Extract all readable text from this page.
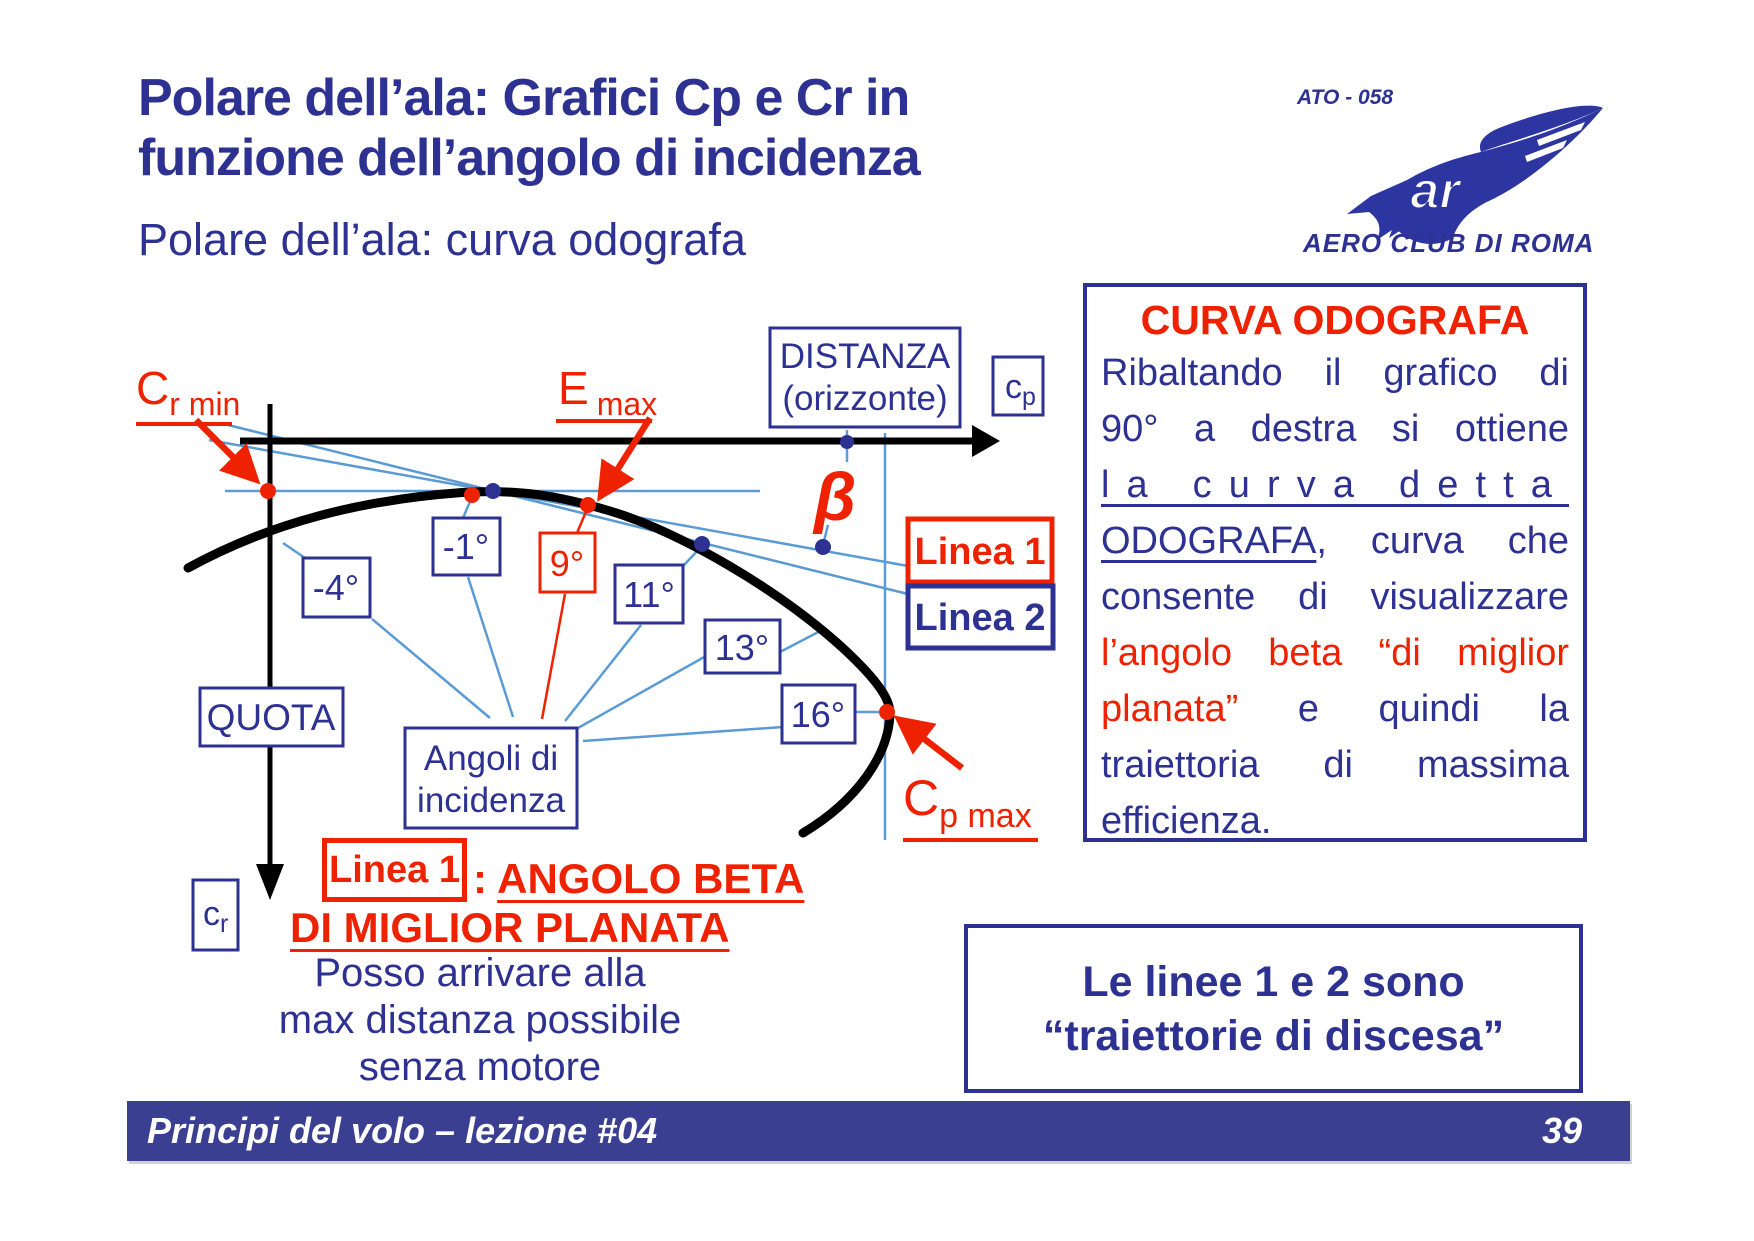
Polare dell’ala: Grafici Cp e Cr in
funzione dell’angolo di incidenza
Polare dell’ala: curva odografa
ATO - 058
ar
AERO CLUB DI ROMA
-4°
-1° 9°
11°
13°
16°
QUOTA
Angoli di
incidenza
DISTANZA
(orizzonte) $c_p$
$c_r$
Linea 1
Linea 2
$C_{r min}$	E $_{max}$
β
$C_{p max}$
CURVA ODOGRAFA
Ribaltando il grafico di
90° a destra si ottiene
la curva detta
ODOGRAFA, curva che
consente di visualizzare
l’angolo beta “di miglior
planata” e quindi la
traiettoria di massima
efficienza.
Linea 1 : ANGOLO BETA
DI MIGLIOR PLANATA
Posso arrivare alla
max distanza possibile
senza motore
Le linee 1 e 2 sono
“traiettorie di discesa”
Principi del volo – lezione #04	39
